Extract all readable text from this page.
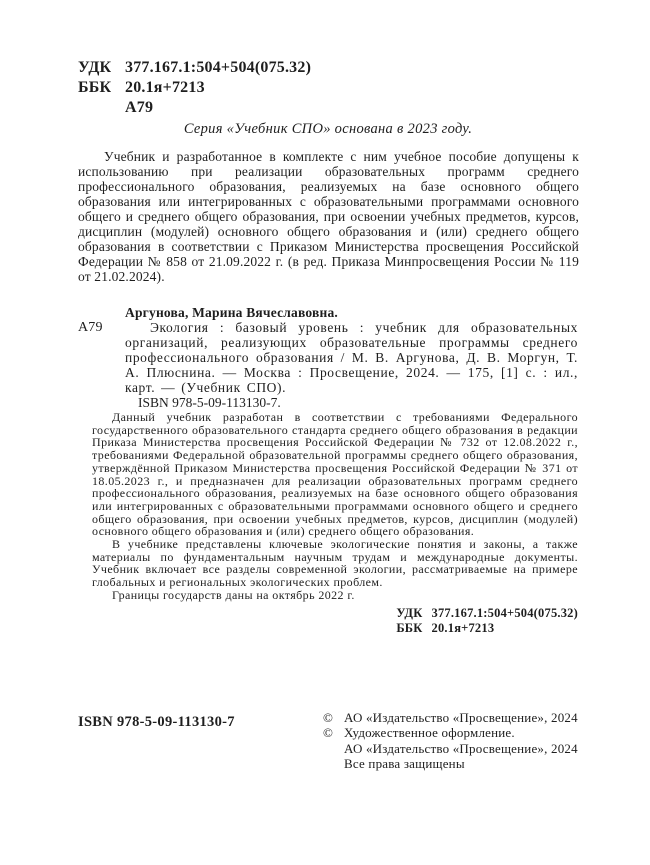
УДК 377.167.1:504+504(075.32)
ББК 20.1я+7213
А79
Серия «Учебник СПО» основана в 2023 году.
Учебник и разработанное в комплекте с ним учебное пособие допущены к использованию при реализации образовательных программ среднего профессионального образования, реализуемых на базе основного общего образования или интегрированных с образовательными программами основного общего и среднего общего образования, при освоении учебных предметов, курсов, дисциплин (модулей) основного общего образования и (или) среднего общего образования в соответствии с Приказом Министерства просвещения Российской Федерации № 858 от 21.09.2022 г. (в ред. Приказа Минпросвещения России № 119 от 21.02.2024).
А79

Аргунова, Марина Вячеславовна.

Экология : базовый уровень : учебник для образовательных организаций, реализующих образовательные программы среднего профессионального образования / М. В. Аргунова, Д. В. Моргун, Т. А. Плюснина. — Москва : Просвещение, 2024. — 175, [1] с. : ил., карт. — (Учебник СПО).

ISBN 978-5-09-113130-7.

Данный учебник разработан в соответствии с требованиями Федерального государственного образовательного стандарта среднего общего образования в редакции Приказа Министерства просвещения Российской Федерации № 732 от 12.08.2022 г., требованиями Федеральной образовательной программы среднего общего образования, утверждённой Приказом Министерства просвещения Российской Федерации № 371 от 18.05.2023 г., и предназначен для реализации образовательных программ среднего профессионального образования, реализуемых на базе основного общего образования или интегрированных с образовательными программами основного общего и среднего общего образования, при освоении учебных предметов, курсов, дисциплин (модулей) основного общего образования и (или) среднего общего образования.

В учебнике представлены ключевые экологические понятия и законы, а также материалы по фундаментальным научным трудам и международные документы. Учебник включает все разделы современной экологии, рассматриваемые на примере глобальных и региональных экологических проблем.

Границы государств даны на октябрь 2022 г.
УДК 377.167.1:504+504(075.32)
ББК 20.1я+7213
ISBN 978-5-09-113130-7	© АО «Издательство «Просвещение», 2024
© Художественное оформление.
АО «Издательство «Просвещение», 2024
Все права защищены
